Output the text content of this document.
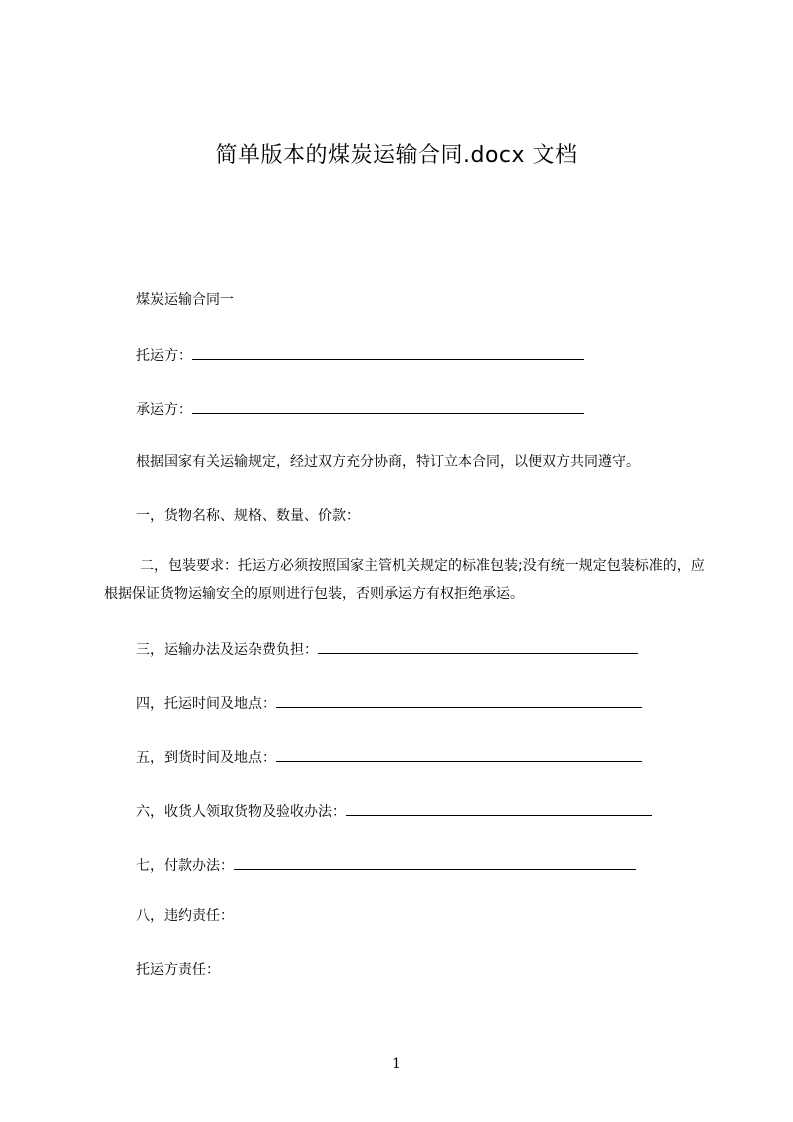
简单版本的煤炭运输合同.docx 文档
煤炭运输合同一
托运方：
承运方：
根据国家有关运输规定，经过双方充分协商，特订立本合同，以便双方共同遵守。
一，货物名称、规格、数量、价款：

二，包装要求：托运方必须按照国家主管机关规定的标准包装;没有统一规定包装标准的，应根据保证货物运输安全的原则进行包装，否则承运方有权拒绝承运。

三，运输办法及运杂费负担：
四，托运时间及地点：
五，到货时间及地点：
六，收货人领取货物及验收办法：
七，付款办法：
八，违约责任：
托运方责任：
1
